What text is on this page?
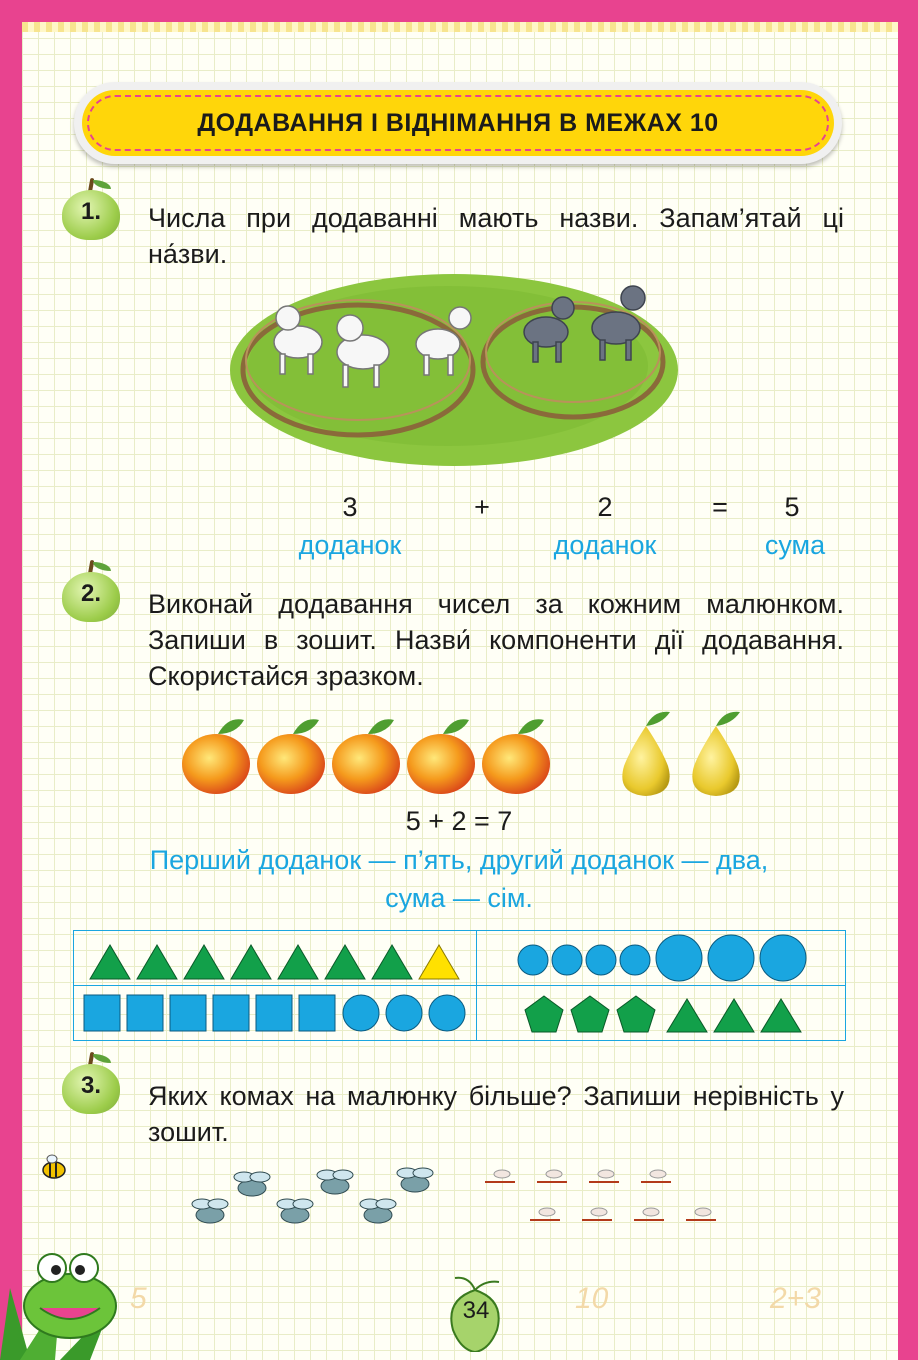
ДОДАВАННЯ І ВІДНІМАННЯ В МЕЖАХ 10
1.	Числа при додаванні мають назви. Запам’ятай ці на́зви.
3	+	2	=	5
доданок	доданок	сума
2.	Виконай додавання чисел за кожним малюнком. Запиши в зошит. Назви́ компоненти дії додавання. Скористайся зразком.
5 + 2 = 7
Перший доданок — п’ять, другий доданок — два,
сума — сім.

3.	Яких комах на малюнку більше? Запиши нерівність у зошит.
5	10	2+3
34
